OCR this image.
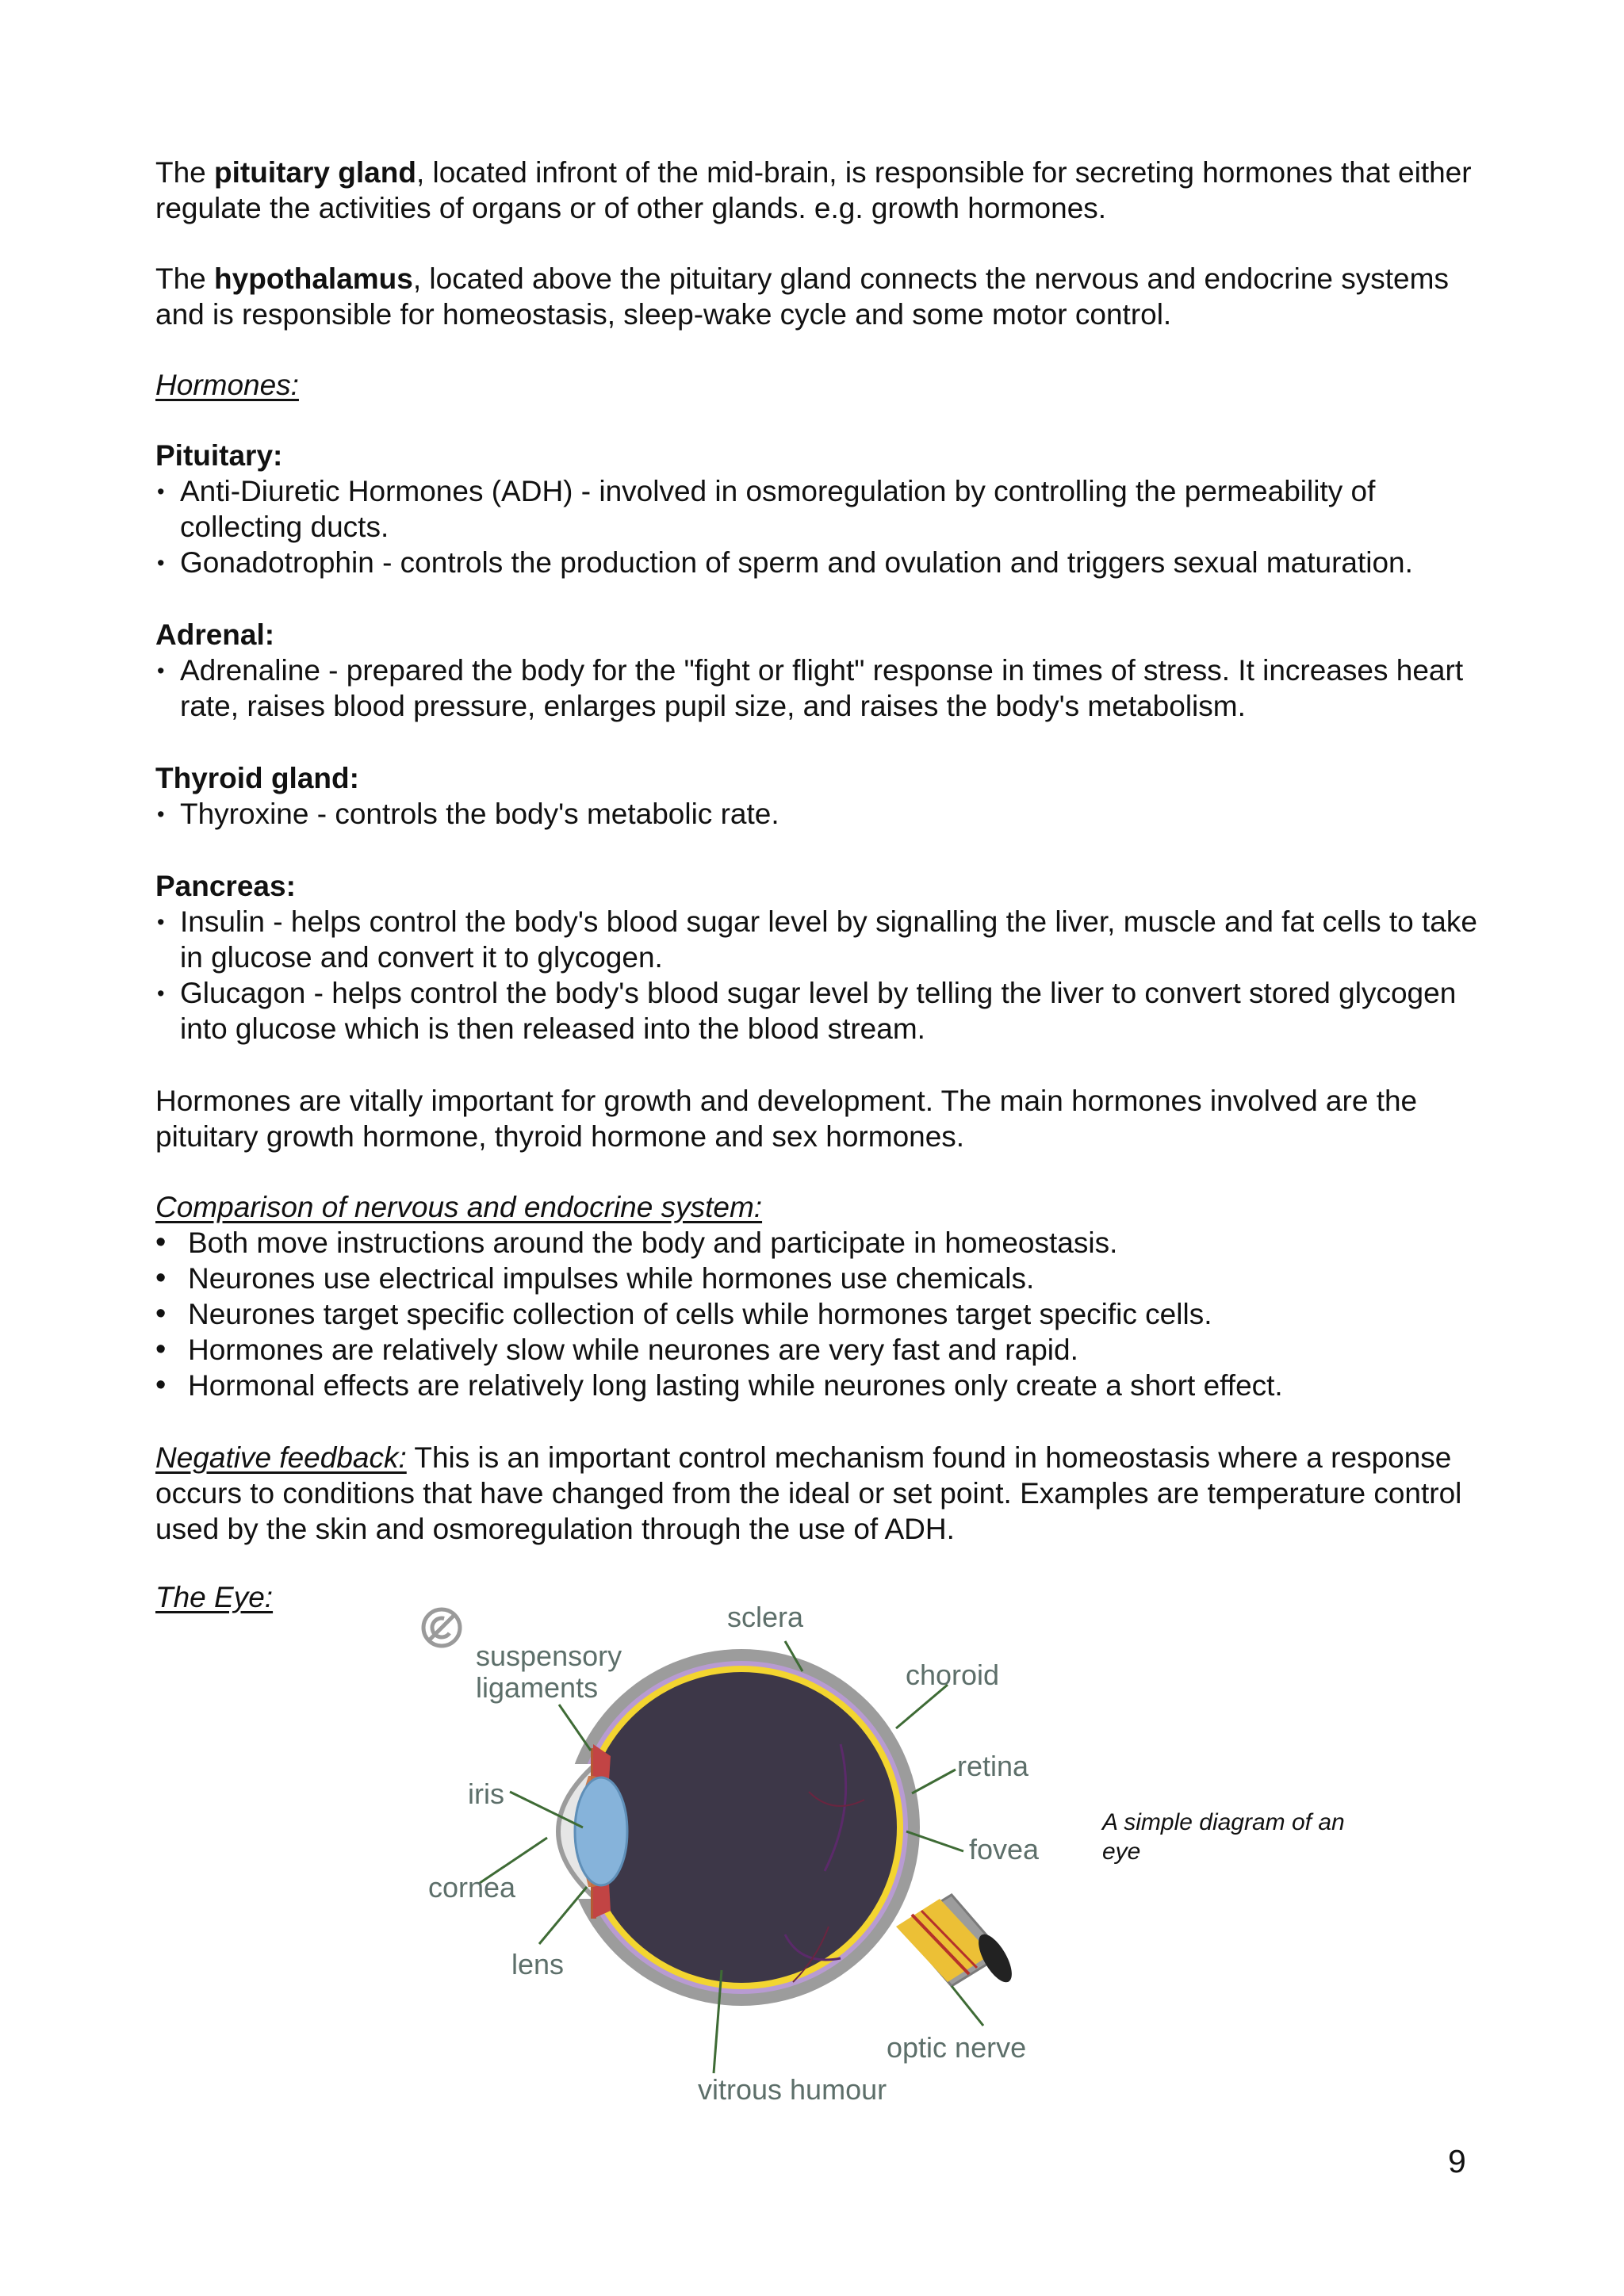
The pituitary gland, located infront of the mid-brain, is responsible for secreting hormones that either regulate the activities of organs or of other glands. e.g. growth hormones.

The hypothalamus, located above the pituitary gland connects the nervous and endocrine systems and is responsible for homeostasis, sleep-wake cycle and some motor control.

Hormones:

Pituitary:

• Anti-Diuretic Hormones (ADH) - involved in osmoregulation by controlling the permeability of collecting ducts.
• Gonadotrophin - controls the production of sperm and ovulation and triggers sexual maturation.

Adrenal:

• Adrenaline - prepared the body for the "fight or flight" response in times of stress. It increases heart rate, raises blood pressure, enlarges pupil size, and raises the body's metabolism.

Thyroid gland:

• Thyroxine - controls the body's metabolic rate.

Pancreas:

• Insulin - helps control the body's blood sugar level by signalling the liver, muscle and fat cells to take in glucose and convert it to glycogen.
• Glucagon - helps control the body's blood sugar level by telling the liver to convert stored glycogen into glucose which is then released into the blood stream.

Hormones are vitally important for growth and development. The main hormones involved are the pituitary growth hormone, thyroid hormone and sex hormones.

Comparison of nervous and endocrine system:

• Both move instructions around the body and participate in homeostasis.
• Neurones use electrical impulses while hormones use chemicals.
• Neurones target specific collection of cells while hormones target specific cells.
• Hormones are relatively slow while neurones are very fast and rapid.
• Hormonal effects are relatively long lasting while neurones only create a short effect.

Negative feedback: This is an important control mechanism found in homeostasis where a response occurs to conditions that have changed from the ideal or set point. Examples are temperature control used by the skin and osmoregulation through the use of ADH.

The Eye:

sclera
suspensory
ligaments	choroid
retina
iris
fovea
cornea
lens
optic nerve
vitrous humour

A simple diagram of an eye

9
